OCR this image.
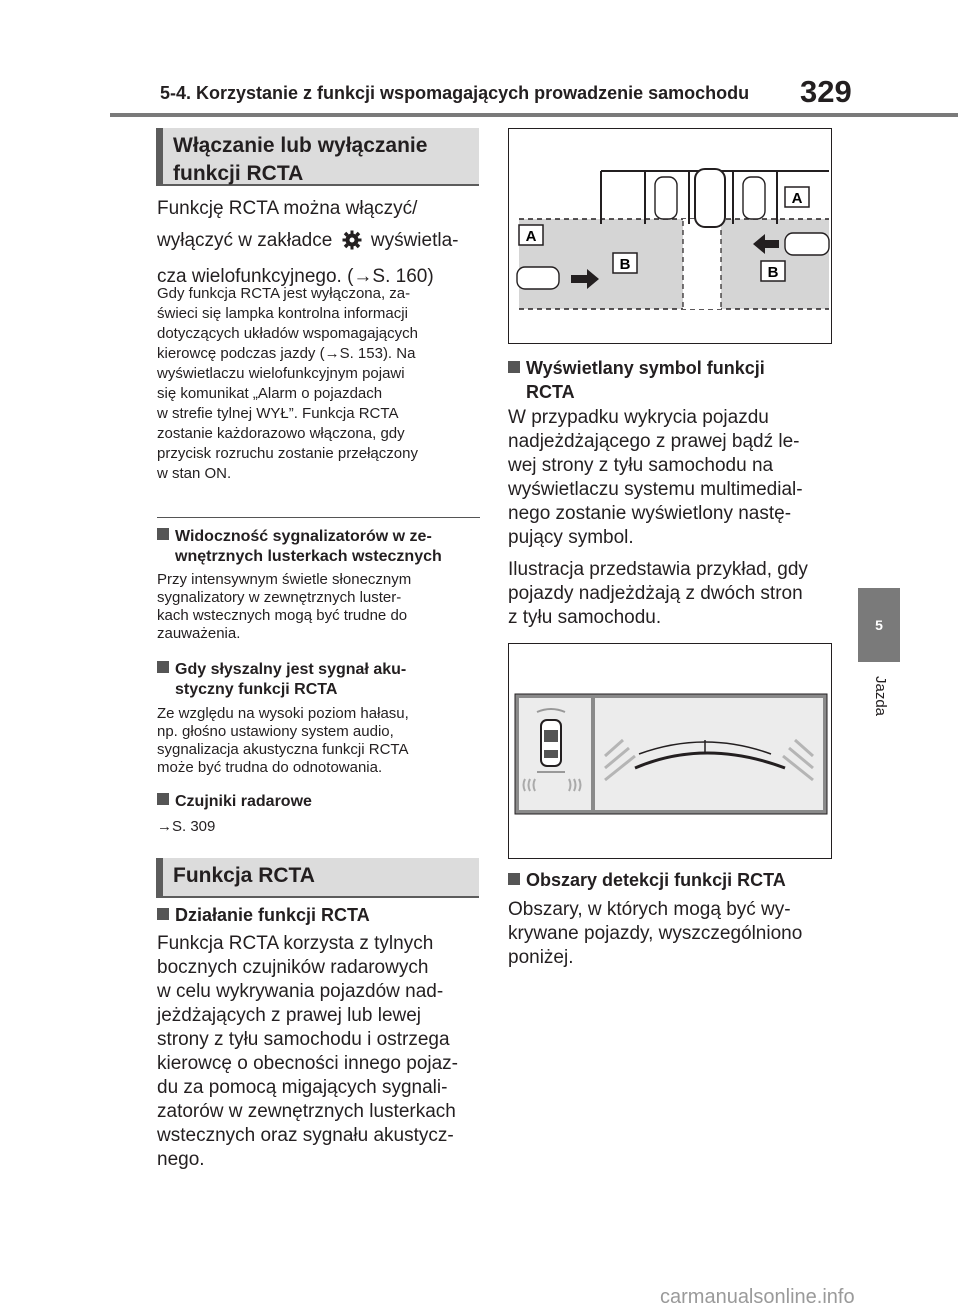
5-4. Korzystanie z funkcji wspomagających prowadzenie samochodu 329
5
Jazda
Włączanie lub wyłączanie funkcji RCTA
Funkcję RCTA można włączyć/
wyłączyć w zakładce wyświetla-
cza wielofunkcyjnego. (→S. 160)
Gdy funkcja RCTA jest wyłączona, za-
świeci się lampka kontrolna informacji
dotyczących układów wspomagających
kierowcę podczas jazdy (→S. 153). Na
wyświetlaczu wielofunkcyjnym pojawi
się komunikat „Alarm o pojazdach
w strefie tylnej WYŁ”. Funkcja RCTA
zostanie każdorazowo włączona, gdy
przycisk rozruchu zostanie przełączony
w stan ON.
Widoczność sygnalizatorów w ze-
wnętrznych lusterkach wstecznych
Przy intensywnym świetle słonecznym
sygnalizatory w zewnętrznych luster-
kach wstecznych mogą być trudne do
zauważenia.
Gdy słyszalny jest sygnał aku-
styczny funkcji RCTA
Ze względu na wysoki poziom hałasu,
np. głośno ustawiony system audio,
sygnalizacja akustyczna funkcji RCTA
może być trudna do odnotowania.
Czujniki radarowe
→S. 309
Funkcja RCTA
Działanie funkcji RCTA
Funkcja RCTA korzysta z tylnych
bocznych czujników radarowych
w celu wykrywania pojazdów nad-
jeżdżających z prawej lub lewej
strony z tyłu samochodu i ostrzega
kierowcę o obecności innego pojaz-
du za pomocą migających sygnali-
zatorów w zewnętrznych lusterkach
wstecznych oraz sygnału akustycz-
nego.
A
B
A
B
Wyświetlany symbol funkcji
RCTA
W przypadku wykrycia pojazdu
nadjeżdżającego z prawej bądź le-
wej strony z tyłu samochodu na
wyświetlaczu systemu multimedial-
nego zostanie wyświetlony nastę-
pujący symbol.
Ilustracja przedstawia przykład, gdy
pojazdy nadjeżdżają z dwóch stron
z tyłu samochodu.
Obszary detekcji funkcji RCTA
Obszary, w których mogą być wy-
krywane pojazdy, wyszczególniono
poniżej.
carmanualsonline.info
